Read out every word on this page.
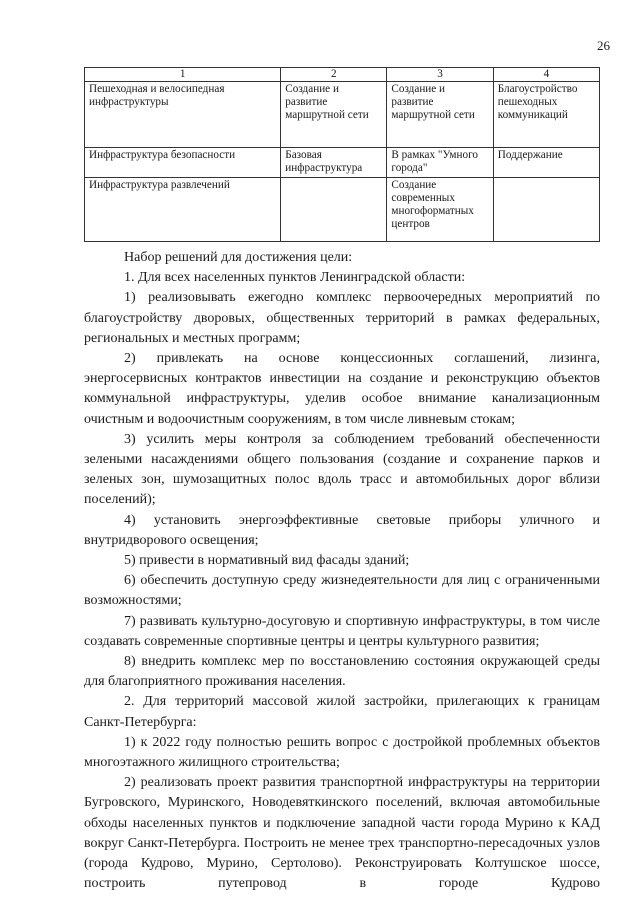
26
1	2	3	4
Пешеходная и велосипедная инфраструктуры	Создание и развитие маршрутной сети	Создание и развитие маршрутной сети	Благоустройство пешеходных коммуникаций
Инфраструктура безопасности	Базовая инфраструктура	В рамках "Умного города"	Поддержание
Инфраструктура развлечений		Создание современных многоформатных центров	

Набор решений для достижения цели:

1. Для всех населенных пунктов Ленинградской области:

1) реализовывать ежегодно комплекс первоочередных мероприятий по благоустройству дворовых, общественных территорий в рамках федеральных, региональных и местных программ;

2) привлекать на основе концессионных соглашений, лизинга, энергосервисных контрактов инвестиции на создание и реконструкцию объектов коммунальной инфраструктуры, уделив особое внимание канализационным очистным и водоочистным сооружениям, в том числе ливневым стокам;

3) усилить меры контроля за соблюдением требований обеспеченности зелеными насаждениями общего пользования (создание и сохранение парков и зеленых зон, шумозащитных полос вдоль трасс и автомобильных дорог вблизи поселений);

4) установить энергоэффективные световые приборы уличного и внутридворового освещения;

5) привести в нормативный вид фасады зданий;

6) обеспечить доступную среду жизнедеятельности для лиц с ограниченными возможностями;

7) развивать культурно-досуговую и спортивную инфраструктуры, в том числе создавать современные спортивные центры и центры культурного развития;

8) внедрить комплекс мер по восстановлению состояния окружающей среды для благоприятного проживания населения.

2. Для территорий массовой жилой застройки, прилегающих к границам Санкт-Петербурга:

1) к 2022 году полностью решить вопрос с достройкой проблемных объектов многоэтажного жилищного строительства;

2) реализовать проект развития транспортной инфраструктуры на территории Бугровского, Муринского, Новодевяткинского поселений, включая автомобильные обходы населенных пунктов и подключение западной части города Мурино к КАД вокруг Санкт-Петербурга. Построить не менее трех транспортно-пересадочных узлов (города Кудрово, Мурино, Сертолово). Реконструировать Колтушское шоссе, построить путепровод в городе Кудрово
